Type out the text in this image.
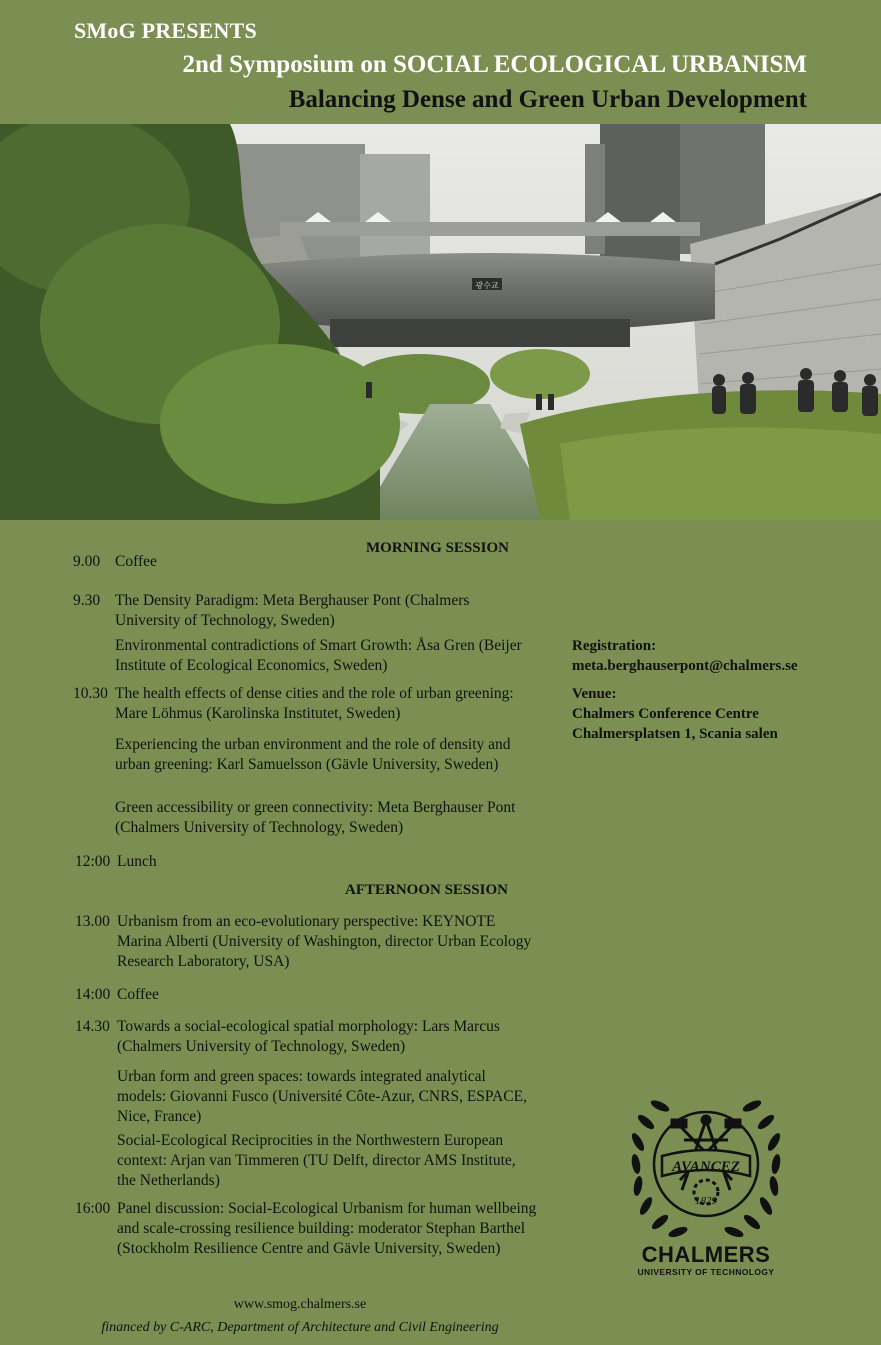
SMoG PRESENTS
2nd Symposium on SOCIAL ECOLOGICAL URBANISM
Balancing Dense and Green Urban Development
광수교
MORNING SESSION
9.00 Coffee
9.30 The Density Paradigm: Meta Berghauser Pont (Chalmers University of Technology, Sweden)
Environmental contradictions of Smart Growth: Åsa Gren (Beijer Institute of Ecological Economics, Sweden)
10.30 The health effects of dense cities and the role of urban greening: Mare Löhmus (Karolinska Institutet, Sweden)
Experiencing the urban environment and the role of density and urban greening: Karl Samuelsson (Gävle University, Sweden)
Green accessibility or green connectivity: Meta Berghauser Pont (Chalmers University of Technology, Sweden)
12:00 Lunch
AFTERNOON SESSION
13.00 Urbanism from an eco-evolutionary perspective: KEYNOTE Marina Alberti (University of Washington, director Urban Ecology Research Laboratory, USA)
14:00 Coffee
14.30 Towards a social-ecological spatial morphology: Lars Marcus (Chalmers University of Technology, Sweden)
Urban form and green spaces: towards integrated analytical models: Giovanni Fusco (Université Côte-Azur, CNRS, ESPACE, Nice, France)
Social-Ecological Reciprocities in the Northwestern European context: Arjan van Timmeren (TU Delft, director AMS Institute, the Netherlands)
16:00 Panel discussion: Social-Ecological Urbanism for human wellbeing and scale-crossing resilience building: moderator Stephan Barthel (Stockholm Resilience Centre and Gävle University, Sweden)
Registration:
meta.berghauserpont@chalmers.se
Venue:
Chalmers Conference Centre
Chalmersplatsen 1, Scania salen
AVANCEZ
1829
CHALMERS
UNIVERSITY OF TECHNOLOGY
www.smog.chalmers.se
financed by C-ARC, Department of Architecture and Civil Engineering
